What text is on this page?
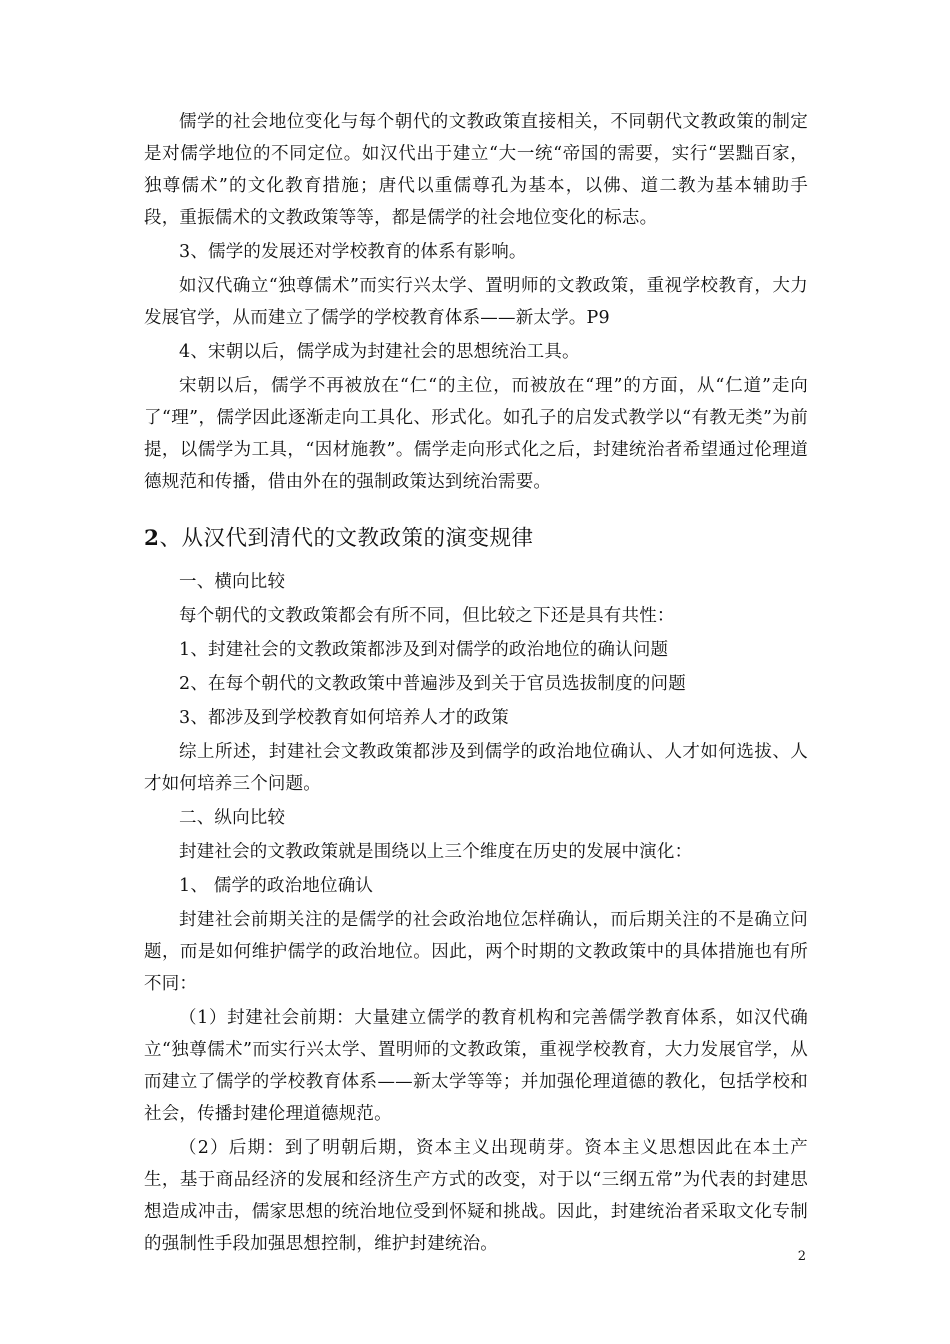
儒学的社会地位变化与每个朝代的文教政策直接相关，不同朝代文教政策的制定是对儒学地位的不同定位。如汉代出于建立“大一统“帝国的需要，实行“罢黜百家，独尊儒术”的文化教育措施；唐代以重儒尊孔为基本，以佛、道二教为基本辅助手段，重振儒术的文教政策等等，都是儒学的社会地位变化的标志。

3、儒学的发展还对学校教育的体系有影响。

如汉代确立“独尊儒术”而实行兴太学、置明师的文教政策，重视学校教育，大力发展官学，从而建立了儒学的学校教育体系——新太学。P9

4、宋朝以后，儒学成为封建社会的思想统治工具。

宋朝以后，儒学不再被放在“仁“的主位，而被放在“理”的方面，从“仁道”走向了“理”，儒学因此逐渐走向工具化、形式化。如孔子的启发式教学以“有教无类”为前提，以儒学为工具，“因材施教”。儒学走向形式化之后，封建统治者希望通过伦理道德规范和传播，借由外在的强制政策达到统治需要。

2、从汉代到清代的文教政策的演变规律

一、横向比较

每个朝代的文教政策都会有所不同，但比较之下还是具有共性：

1、封建社会的文教政策都涉及到对儒学的政治地位的确认问题

2、在每个朝代的文教政策中普遍涉及到关于官员选拔制度的问题

3、都涉及到学校教育如何培养人才的政策

综上所述，封建社会文教政策都涉及到儒学的政治地位确认、人才如何选拔、人才如何培养三个问题。

二、纵向比较

封建社会的文教政策就是围绕以上三个维度在历史的发展中演化：

1、 儒学的政治地位确认

封建社会前期关注的是儒学的社会政治地位怎样确认，而后期关注的不是确立问题，而是如何维护儒学的政治地位。因此，两个时期的文教政策中的具体措施也有所不同：

（1）封建社会前期：大量建立儒学的教育机构和完善儒学教育体系，如汉代确立“独尊儒术”而实行兴太学、置明师的文教政策，重视学校教育，大力发展官学，从而建立了儒学的学校教育体系——新太学等等；并加强伦理道德的教化，包括学校和社会，传播封建伦理道德规范。

（2）后期：到了明朝后期，资本主义出现萌芽。资本主义思想因此在本土产生，基于商品经济的发展和经济生产方式的改变，对于以“三纲五常”为代表的封建思想造成冲击，儒家思想的统治地位受到怀疑和挑战。因此，封建统治者采取文化专制的强制性手段加强思想控制，维护封建统治。

2
